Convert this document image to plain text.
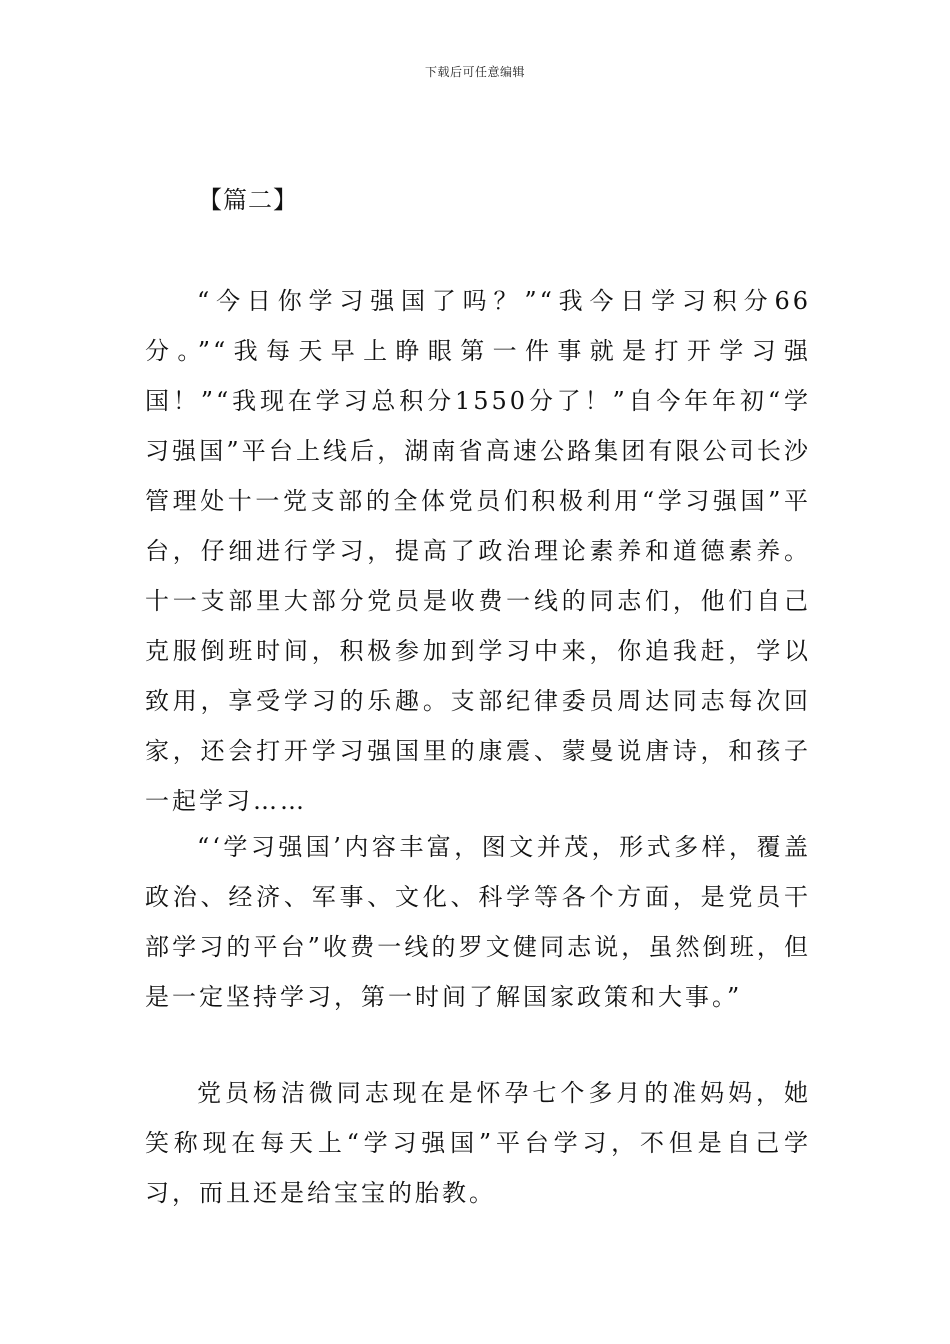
下载后可任意编辑
【篇二】

“今日你学习强国了吗？”“我今日学习积分66分。”“我每天早上睁眼第一件事就是打开学习强国！”“我现在学习总积分1550分了！”自今年年初“学习强国”平台上线后，湖南省高速公路集团有限公司长沙管理处十一党支部的全体党员们积极利用“学习强国”平台，仔细进行学习，提高了政治理论素养和道德素养。十一支部里大部分党员是收费一线的同志们，他们自己克服倒班时间，积极参加到学习中来，你追我赶，学以致用，享受学习的乐趣。支部纪律委员周达同志每次回家，还会打开学习强国里的康震、蒙曼说唐诗，和孩子一起学习……

“‘学习强国’内容丰富，图文并茂，形式多样，覆盖政治、经济、军事、文化、科学等各个方面，是党员干部学习的平台”收费一线的罗文健同志说，虽然倒班，但是一定坚持学习，第一时间了解国家政策和大事。”

党员杨洁微同志现在是怀孕七个多月的准妈妈，她笑称现在每天上“学习强国”平台学习，不但是自己学习，而且还是给宝宝的胎教。
